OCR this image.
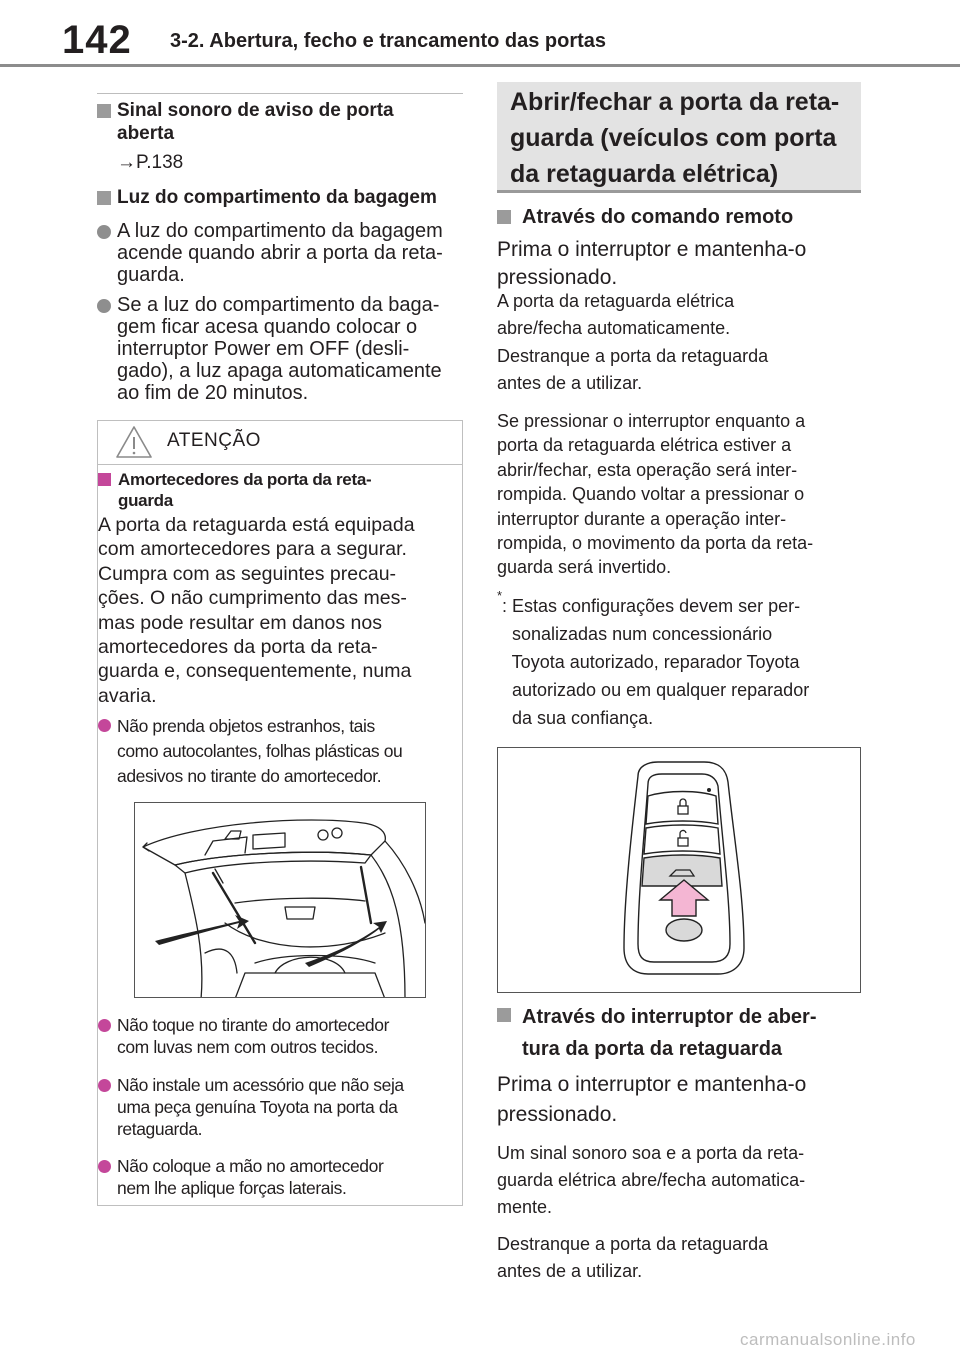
142 3-2. Abertura, fecho e trancamento das portas
Sinal sonoro de aviso de porta
aberta
→P.138
Luz do compartimento da bagagem
A luz do compartimento da bagagem
acende quando abrir a porta da reta-
guarda.
Se a luz do compartimento da baga-
gem ficar acesa quando colocar o
interruptor Power em OFF (desli-
gado), a luz apaga automaticamente
ao fim de 20 minutos.
ATENÇÃO
Amortecedores da porta da reta-
guarda
A porta da retaguarda está equipada
com amortecedores para a segurar.
Cumpra com as seguintes precau-
ções. O não cumprimento das mes-
mas pode resultar em danos nos
amortecedores da porta da reta-
guarda e, consequentemente, numa
avaria.
Não prenda objetos estranhos, tais
como autocolantes, folhas plásticas ou
adesivos no tirante do amortecedor.
Não toque no tirante do amortecedor
com luvas nem com outros tecidos.
Não instale um acessório que não seja
uma peça genuína Toyota na porta da
retaguarda.
Não coloque a mão no amortecedor
nem lhe aplique forças laterais.
Abrir/fechar a porta da reta-
guarda (veículos com porta
da retaguarda elétrica)
Através do comando remoto
Prima o interruptor e mantenha-o
pressionado.
A porta da retaguarda elétrica
abre/fecha automaticamente.
Destranque a porta da retaguarda
antes de a utilizar.
Se pressionar o interruptor enquanto a
porta da retaguarda elétrica estiver a
abrir/fechar, esta operação será inter-
rompida. Quando voltar a pressionar o
interruptor durante a operação inter-
rompida, o movimento da porta da reta-
guarda será invertido.
*
: Estas configurações devem ser per-
sonalizadas num concessionário
Toyota autorizado, reparador Toyota
autorizado ou em qualquer reparador
da sua confiança.
Através do interruptor de aber-
tura da porta da retaguarda
Prima o interruptor e mantenha-o
pressionado.
Um sinal sonoro soa e a porta da reta-
guarda elétrica abre/fecha automatica-
mente.
Destranque a porta da retaguarda
antes de a utilizar.
carmanualsonline.info
